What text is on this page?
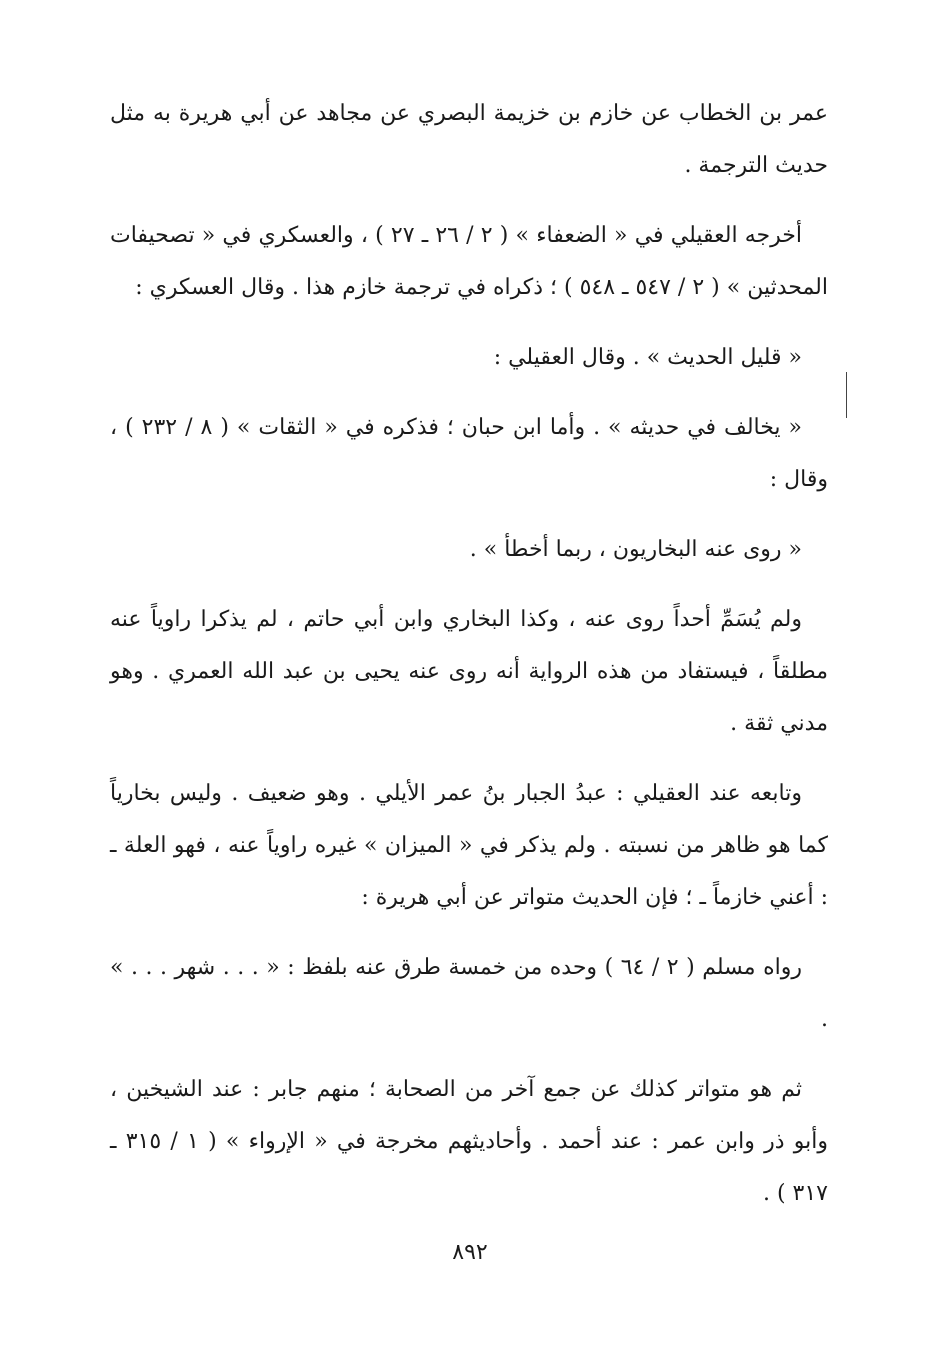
عمر بن الخطاب عن خازم بن خزيمة البصري عن مجاهد عن أبي هريرة به مثل حديث الترجمة .

أخرجه العقيلي في « الضعفاء » ( ٢ / ٢٦ ـ ٢٧ ) ، والعسكري في « تصحيفات المحدثين » ( ٢ / ٥٤٧ ـ ٥٤٨ ) ؛ ذكراه في ترجمة خازم هذا . وقال العسكري :

« قليل الحديث » . وقال العقيلي :

« يخالف في حديثه » . وأما ابن حبان ؛ فذكره في « الثقات » ( ٨ / ٢٣٢ ) ، وقال :

« روى عنه البخاريون ، ربما أخطأ » .

ولم يُسَمِّ أحداً روى عنه ، وكذا البخاري وابن أبي حاتم ، لم يذكرا راوياً عنه مطلقاً ، فيستفاد من هذه الرواية أنه روى عنه يحيى بن عبد الله العمري . وهو مدني ثقة .

وتابعه عند العقيلي : عبدُ الجبار بنُ عمر الأيلي . وهو ضعيف . وليس بخارياً كما هو ظاهر من نسبته . ولم يذكر في « الميزان » غيره راوياً عنه ، فهو العلة ـ : أعني خازماً ـ ؛ فإن الحديث متواتر عن أبي هريرة :

رواه مسلم ( ٢ / ٦٤ ) وحده من خمسة طرق عنه بلفظ : « . . . شهر . . . » .

ثم هو متواتر كذلك عن جمع آخر من الصحابة ؛ منهم جابر : عند الشيخين ، وأبو ذر وابن عمر : عند أحمد . وأحاديثهم مخرجة في « الإرواء » ( ١ / ٣١٥ ـ ٣١٧ ) .

٨٩٢
